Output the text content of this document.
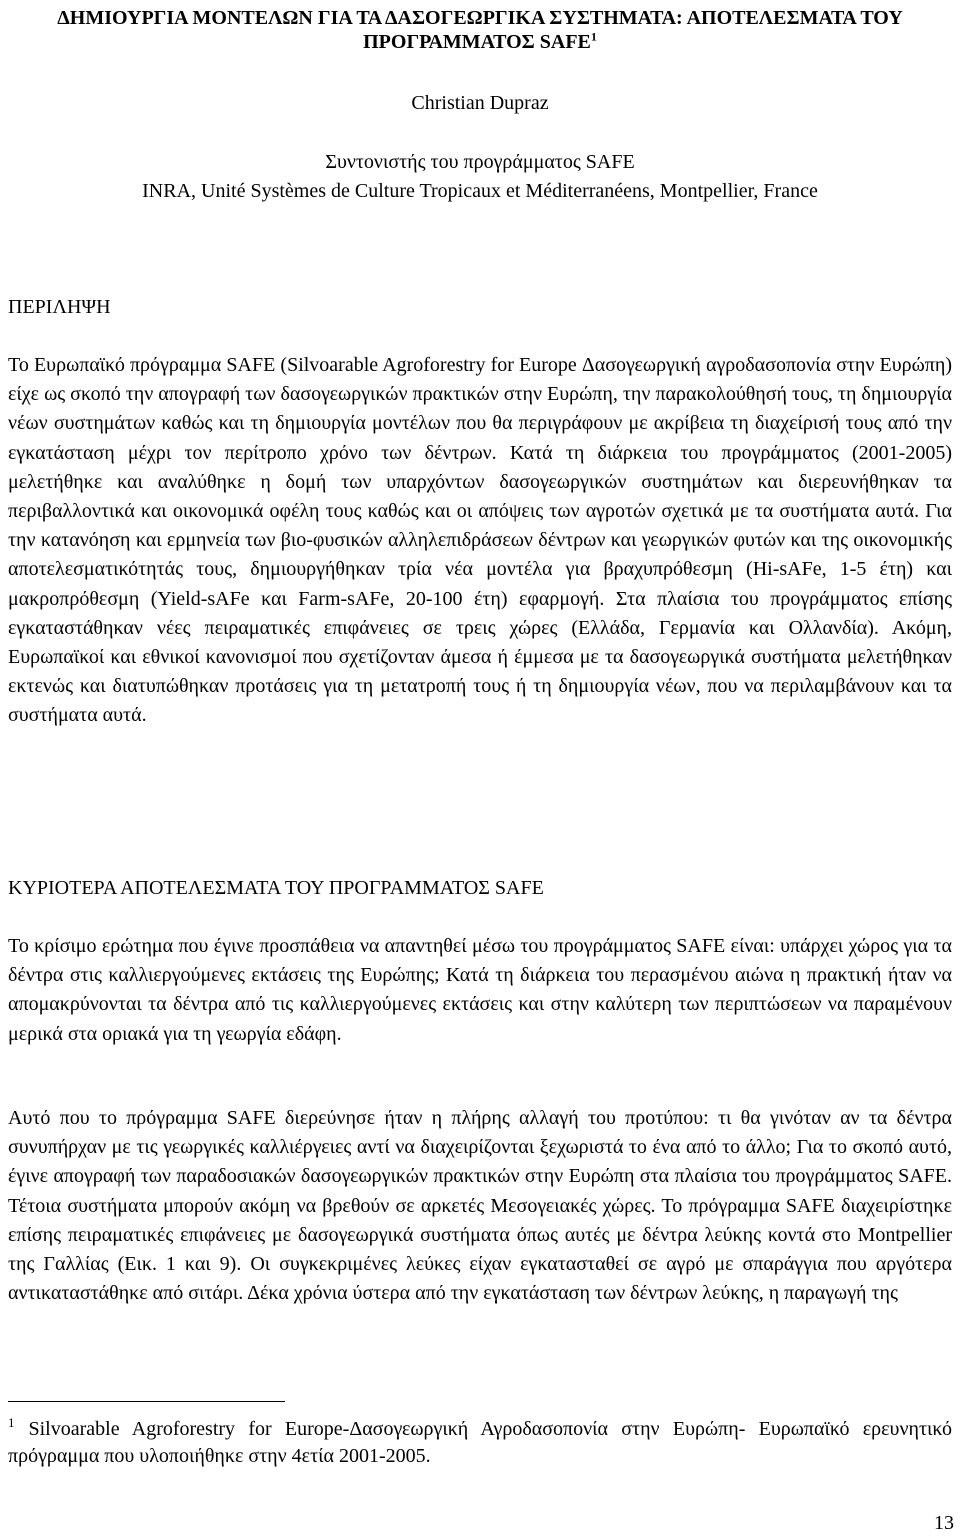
ΔΗΜΙΟΥΡΓΙΑ ΜΟΝΤΕΛΩΝ ΓΙΑ ΤΑ ΔΑΣΟΓΕΩΡΓΙΚΑ ΣΥΣΤΗΜΑΤΑ: ΑΠΟΤΕΛΕΣΜΑΤΑ ΤΟΥ ΠΡΟΓΡΑΜΜΑΤΟΣ SAFE$^1$

Christian Dupraz

Συντονιστής του προγράμματος SAFE

INRA, Unité Systèmes de Culture Tropicaux et Méditerranéens, Montpellier, France

ΠΕΡΙΛΗΨΗ

Το Ευρωπαϊκό πρόγραμμα SAFE (Silvoarable Agroforestry for Europe Δασογεωργική αγροδασοπονία στην Ευρώπη) είχε ως σκοπό την απογραφή των δασογεωργικών πρακτικών στην Ευρώπη, την παρακολούθησή τους, τη δημιουργία νέων συστημάτων καθώς και τη δημιουργία μοντέλων που θα περιγράφουν με ακρίβεια τη διαχείρισή τους από την εγκατάσταση μέχρι τον περίτροπο χρόνο των δέντρων. Κατά τη διάρκεια του προγράμματος (2001-2005) μελετήθηκε και αναλύθηκε η δομή των υπαρχόντων δασογεωργικών συστημάτων και διερευνήθηκαν τα περιβαλλοντικά και οικονομικά οφέλη τους καθώς και οι απόψεις των αγροτών σχετικά με τα συστήματα αυτά. Για την κατανόηση και ερμηνεία των βιο-φυσικών αλληλεπιδράσεων δέντρων και γεωργικών φυτών και της οικονομικής αποτελεσματικότητάς τους, δημιουργήθηκαν τρία νέα μοντέλα για βραχυπρόθεσμη (Hi-sAFe, 1-5 έτη) και μακροπρόθεσμη (Yield-sAFe και Farm-sAFe, 20-100 έτη) εφαρμογή. Στα πλαίσια του προγράμματος επίσης εγκαταστάθηκαν νέες πειραματικές επιφάνειες σε τρεις χώρες (Ελλάδα, Γερμανία και Ολλανδία). Ακόμη, Ευρωπαϊκοί και εθνικοί κανονισμοί που σχετίζονταν άμεσα ή έμμεσα με τα δασογεωργικά συστήματα μελετήθηκαν εκτενώς και διατυπώθηκαν προτάσεις για τη μετατροπή τους ή τη δημιουργία νέων, που να περιλαμβάνουν και τα συστήματα αυτά.

ΚΥΡΙΟΤΕΡΑ ΑΠΟΤΕΛΕΣΜΑΤΑ ΤΟΥ ΠΡΟΓΡΑΜΜΑΤΟΣ SAFE

Το κρίσιμο ερώτημα που έγινε προσπάθεια να απαντηθεί μέσω του προγράμματος SAFE είναι: υπάρχει χώρος για τα δέντρα στις καλλιεργούμενες εκτάσεις της Ευρώπης; Κατά τη διάρκεια του περασμένου αιώνα η πρακτική ήταν να απομακρύνονται τα δέντρα από τις καλλιεργούμενες εκτάσεις και στην καλύτερη των περιπτώσεων να παραμένουν μερικά στα οριακά για τη γεωργία εδάφη.

Αυτό που το πρόγραμμα SAFE διερεύνησε ήταν η πλήρης αλλαγή του προτύπου: τι θα γινόταν αν τα δέντρα συνυπήρχαν με τις γεωργικές καλλιέργειες αντί να διαχειρίζονται ξεχωριστά το ένα από το άλλο; Για το σκοπό αυτό, έγινε απογραφή των παραδοσιακών δασογεωργικών πρακτικών στην Ευρώπη στα πλαίσια του προγράμματος SAFE. Τέτοια συστήματα μπορούν ακόμη να βρεθούν σε αρκετές Μεσογειακές χώρες. Το πρόγραμμα SAFE διαχειρίστηκε επίσης πειραματικές επιφάνειες με δασογεωργικά συστήματα όπως αυτές με δέντρα λεύκης κοντά στο Montpellier της Γαλλίας (Εικ. 1 και 9). Οι συγκεκριμένες λεύκες είχαν εγκατασταθεί σε αγρό με σπαράγγια που αργότερα αντικαταστάθηκε από σιτάρι. Δέκα χρόνια ύστερα από την εγκατάσταση των δέντρων λεύκης, η παραγωγή της

$^1$ Silvoarable Agroforestry for Europe-Δασογεωργική Αγροδασοπονία στην Ευρώπη- Ευρωπαϊκό ερευνητικό πρόγραμμα που υλοποιήθηκε στην 4ετία 2001-2005.

13
